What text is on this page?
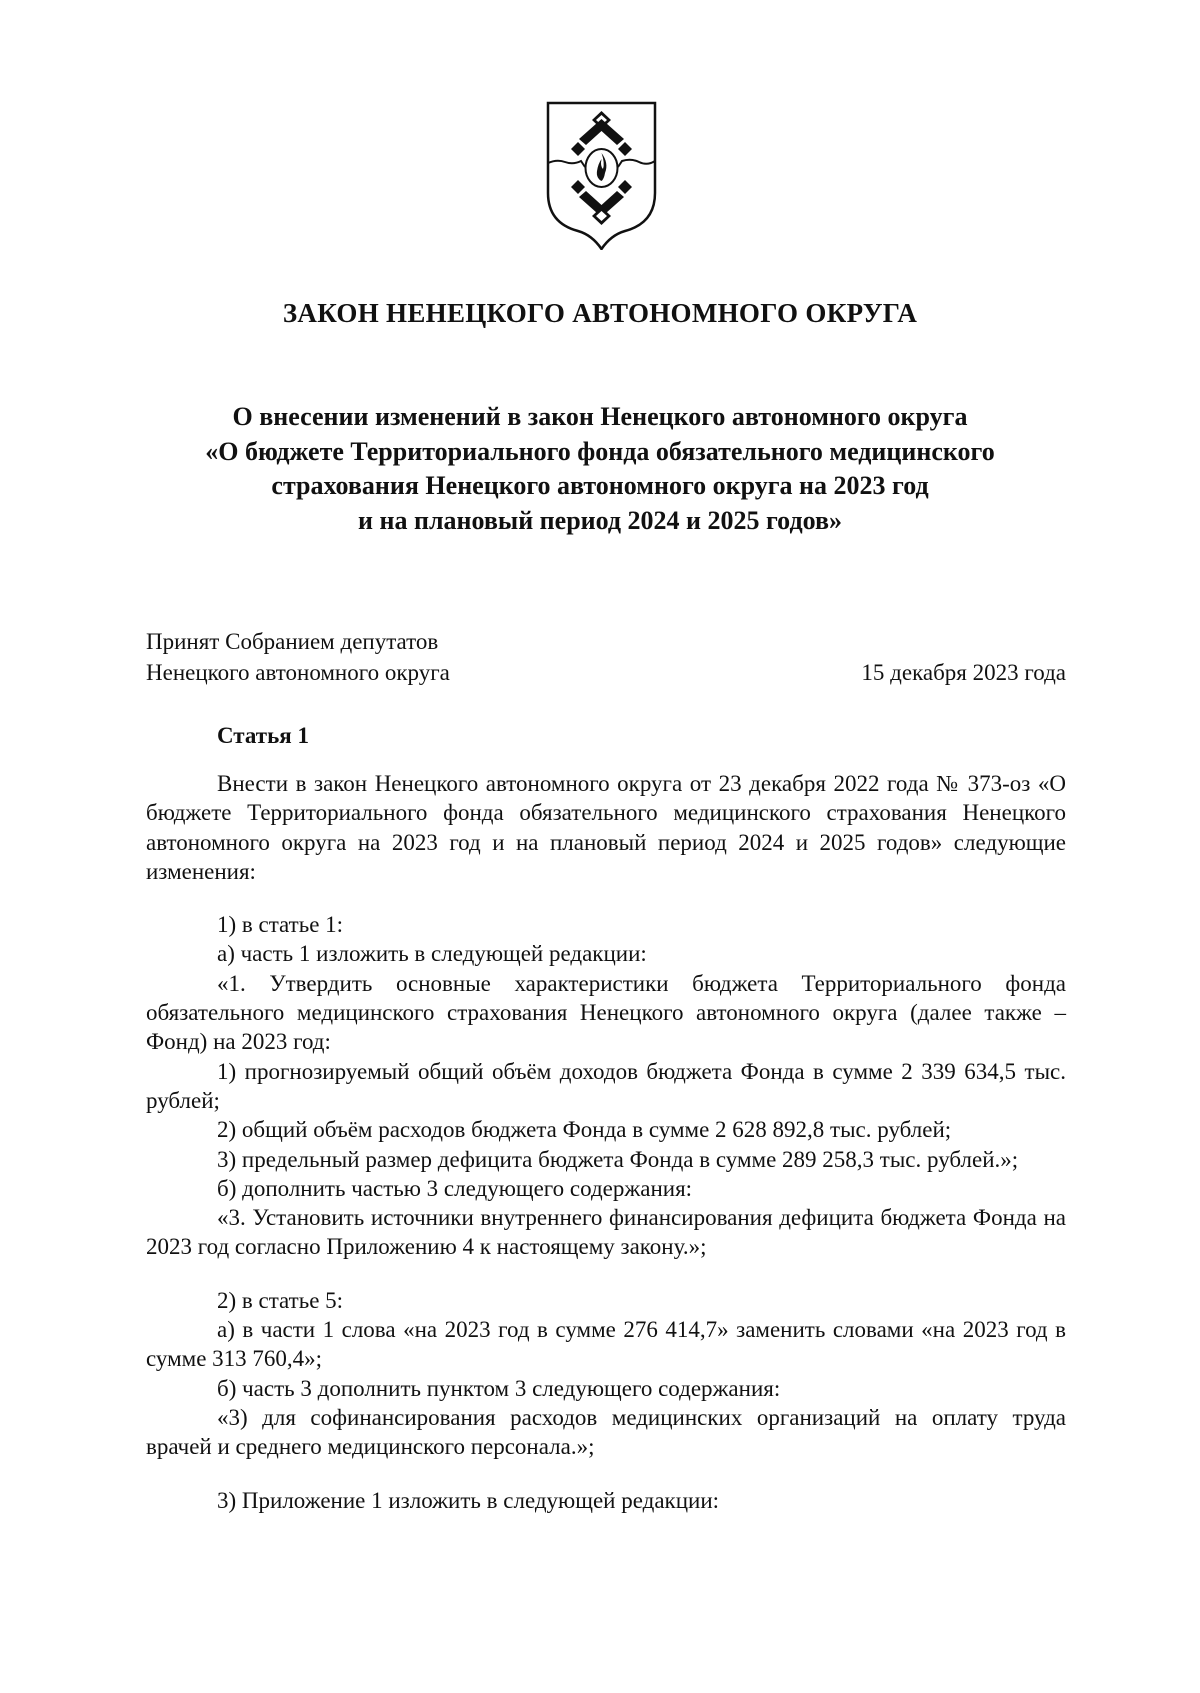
ЗАКОН НЕНЕЦКОГО АВТОНОМНОГО ОКРУГА
О внесении изменений в закон Ненецкого автономного округа
«О бюджете Территориального фонда обязательного медицинского
страхования Ненецкого автономного округа на 2023 год
и на плановый период 2024 и 2025 годов»
Принят Собранием депутатов
Ненецкого автономного округа	15 декабря 2023 года
Статья 1

Внести в закон Ненецкого автономного округа от 23 декабря 2022 года № 373-оз «О бюджете Территориального фонда обязательного медицинского страхования Ненецкого автономного округа на 2023 год и на плановый период 2024 и 2025 годов» следующие изменения:

1) в статье 1:

а) часть 1 изложить в следующей редакции:

«1. Утвердить основные характеристики бюджета Территориального фонда обязательного медицинского страхования Ненецкого автономного округа (далее также – Фонд) на 2023 год:

1) прогнозируемый общий объём доходов бюджета Фонда в сумме 2 339 634,5 тыс. рублей;

2) общий объём расходов бюджета Фонда в сумме 2 628 892,8 тыс. рублей;

3) предельный размер дефицита бюджета Фонда в сумме 289 258,3 тыс. рублей.»;

б) дополнить частью 3 следующего содержания:

«3. Установить источники внутреннего финансирования дефицита бюджета Фонда на 2023 год согласно Приложению 4 к настоящему закону.»;

2) в статье 5:

а) в части 1 слова «на 2023 год в сумме 276 414,7» заменить словами «на 2023 год в сумме 313 760,4»;

б) часть 3 дополнить пунктом 3 следующего содержания:

«3) для софинансирования расходов медицинских организаций на оплату труда врачей и среднего медицинского персонала.»;

3) Приложение 1 изложить в следующей редакции:
